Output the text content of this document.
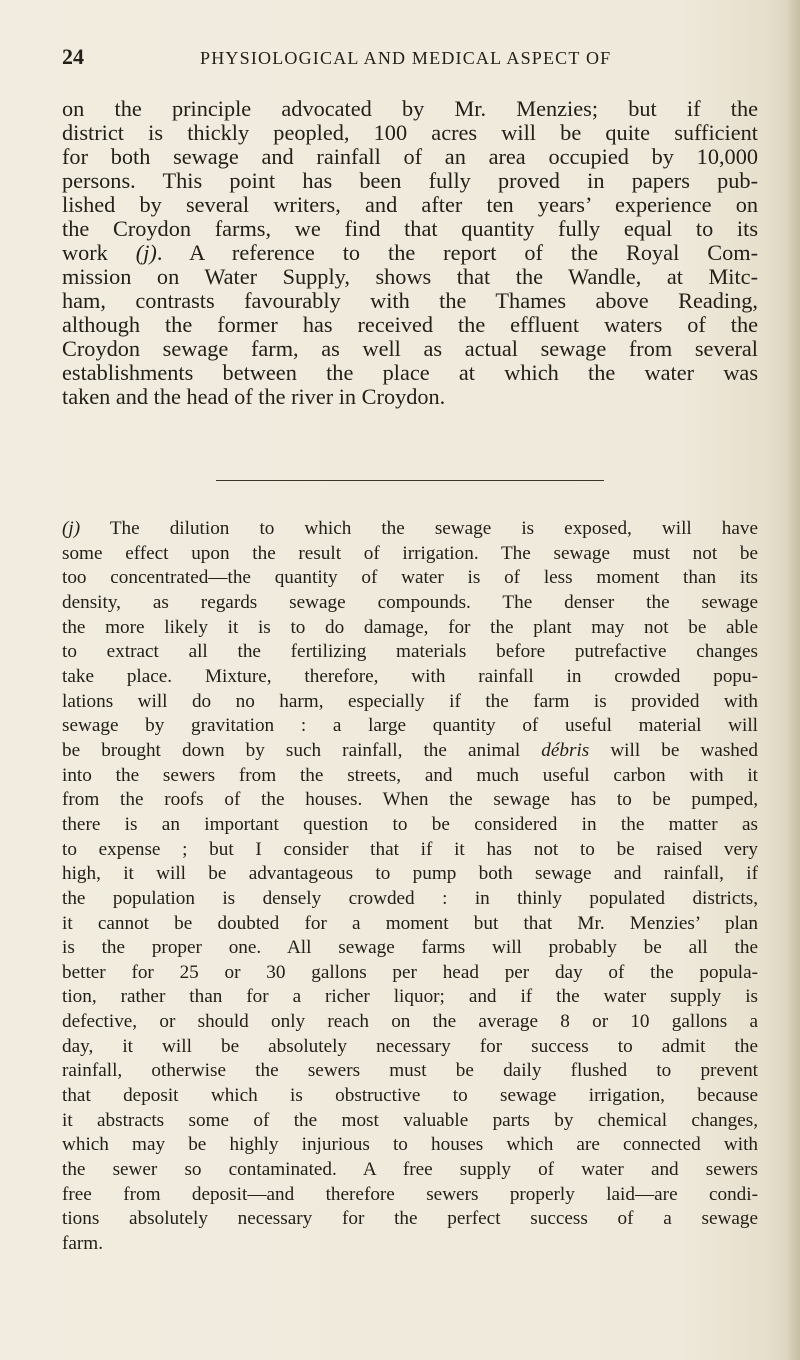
24	PHYSIOLOGICAL AND MEDICAL ASPECT OF
on the principle advocated by Mr. Menzies; but if the
district is thickly peopled, 100 acres will be quite sufficient
for both sewage and rainfall of an area occupied by 10,000
persons. This point has been fully proved in papers pub-
lished by several writers, and after ten years’ experience on
the Croydon farms, we find that quantity fully equal to its
work (j). A reference to the report of the Royal Com-
mission on Water Supply, shows that the Wandle, at Mitc-
ham, contrasts favourably with the Thames above Reading,
although the former has received the effluent waters of the
Croydon sewage farm, as well as actual sewage from several
establishments between the place at which the water was
taken and the head of the river in Croydon.
(j) The dilution to which the sewage is exposed, will have
some effect upon the result of irrigation. The sewage must not be
too concentrated—the quantity of water is of less moment than its
density, as regards sewage compounds. The denser the sewage
the more likely it is to do damage, for the plant may not be able
to extract all the fertilizing materials before putrefactive changes
take place. Mixture, therefore, with rainfall in crowded popu-
lations will do no harm, especially if the farm is provided with
sewage by gravitation : a large quantity of useful material will
be brought down by such rainfall, the animal débris will be washed
into the sewers from the streets, and much useful carbon with it
from the roofs of the houses. When the sewage has to be pumped,
there is an important question to be considered in the matter as
to expense ; but I consider that if it has not to be raised very
high, it will be advantageous to pump both sewage and rainfall, if
the population is densely crowded : in thinly populated districts,
it cannot be doubted for a moment but that Mr. Menzies’ plan
is the proper one. All sewage farms will probably be all the
better for 25 or 30 gallons per head per day of the popula-
tion, rather than for a richer liquor; and if the water supply is
defective, or should only reach on the average 8 or 10 gallons a
day, it will be absolutely necessary for success to admit the
rainfall, otherwise the sewers must be daily flushed to prevent
that deposit which is obstructive to sewage irrigation, because
it abstracts some of the most valuable parts by chemical changes,
which may be highly injurious to houses which are connected with
the sewer so contaminated. A free supply of water and sewers
free from deposit—and therefore sewers properly laid—are condi-
tions absolutely necessary for the perfect success of a sewage
farm.
